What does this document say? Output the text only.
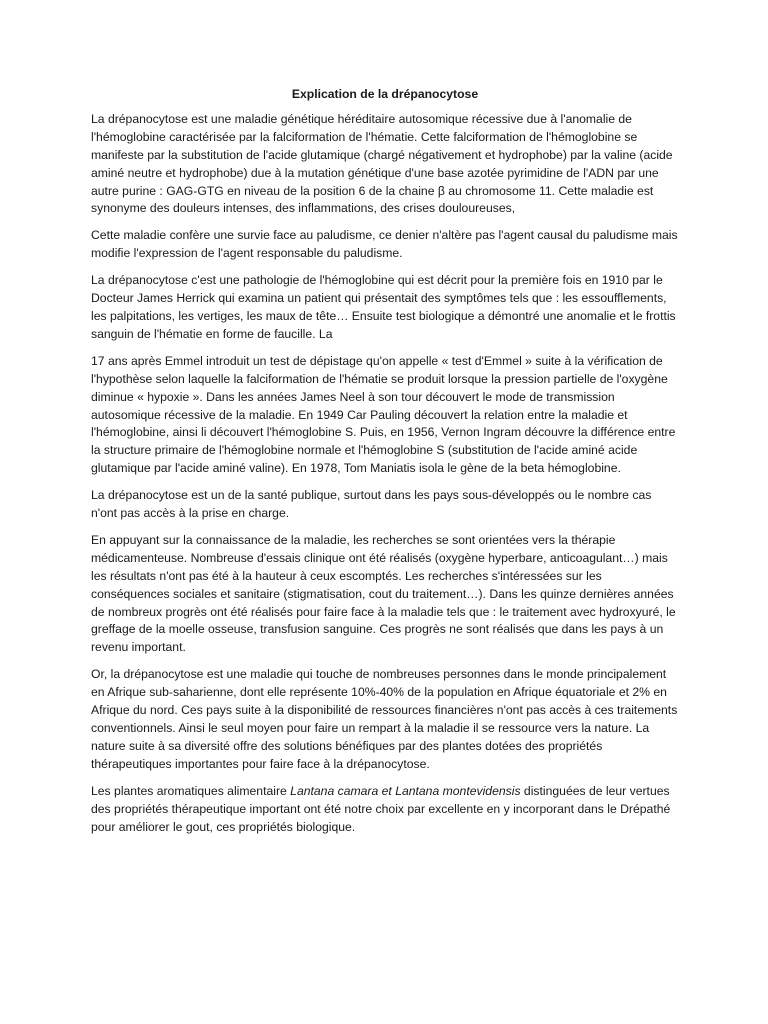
Explication de la drépanocytose

La drépanocytose est une maladie génétique héréditaire autosomique récessive due à l'anomalie de l'hémoglobine caractérisée par la falciformation de l'hématie. Cette falciformation de l'hémoglobine se manifeste par la substitution de l'acide glutamique (chargé négativement et hydrophobe) par la valine (acide aminé neutre et hydrophobe) due à la mutation génétique d'une base azotée pyrimidine de l'ADN par une autre purine : GAG-GTG en niveau de la position 6 de la chaine β au chromosome 11. Cette maladie est synonyme des douleurs intenses, des inflammations, des crises douloureuses,

Cette maladie confère une survie face au paludisme, ce denier n'altère pas l'agent causal du paludisme mais modifie l'expression de l'agent responsable du paludisme.

La drépanocytose c'est une pathologie de l'hémoglobine qui est décrit pour la première fois en 1910 par le Docteur James Herrick qui examina un patient qui présentait des symptômes tels que : les essoufflements, les palpitations, les vertiges, les maux de tête… Ensuite test biologique a démontré une anomalie et le frottis sanguin de l'hématie en forme de faucille. La

17 ans après Emmel introduit un test de dépistage qu'on appelle « test d'Emmel » suite à la vérification de l'hypothèse selon laquelle la falciformation de l'hématie se produit lorsque la pression partielle de l'oxygène diminue « hypoxie ». Dans les années James Neel à son tour découvert le mode de transmission autosomique récessive de la maladie. En 1949 Car Pauling découvert la relation entre la maladie et l'hémoglobine, ainsi li découvert l'hémoglobine S. Puis, en 1956, Vernon Ingram découvre la différence entre la structure primaire de l'hémoglobine normale et l'hémoglobine S (substitution de l'acide aminé acide glutamique par l'acide aminé valine). En 1978, Tom Maniatis isola le gène de la beta hémoglobine.

La drépanocytose est un de la santé publique, surtout dans les pays sous-développés ou le nombre cas n'ont pas accès à la prise en charge.

En appuyant sur la connaissance de la maladie, les recherches se sont orientées vers la thérapie médicamenteuse. Nombreuse d'essais clinique ont été réalisés (oxygène hyperbare, anticoagulant…) mais les résultats n'ont pas été à la hauteur à ceux escomptés. Les recherches s'intéressées sur les conséquences sociales et sanitaire (stigmatisation, cout du traitement…). Dans les quinze dernières années de nombreux progrès ont été réalisés pour faire face à la maladie tels que : le traitement avec hydroxyuré, le greffage de la moelle osseuse, transfusion sanguine. Ces progrès ne sont réalisés que dans les pays à un revenu important.

Or, la drépanocytose est une maladie qui touche de nombreuses personnes dans le monde principalement en Afrique sub-saharienne, dont elle représente 10%-40% de la population en Afrique équatoriale et 2% en Afrique du nord. Ces pays suite à la disponibilité de ressources financières n'ont pas accès à ces traitements conventionnels. Ainsi le seul moyen pour faire un rempart à la maladie il se ressource vers la nature. La nature suite à sa diversité offre des solutions bénéfiques par des plantes dotées des propriétés thérapeutiques importantes pour faire face à la drépanocytose.

Les plantes aromatiques alimentaire Lantana camara et Lantana montevidensis distinguées de leur vertues des propriétés thérapeutique important ont été notre choix par excellente en y incorporant dans le Drépathé pour améliorer le gout, ces propriétés biologique.
